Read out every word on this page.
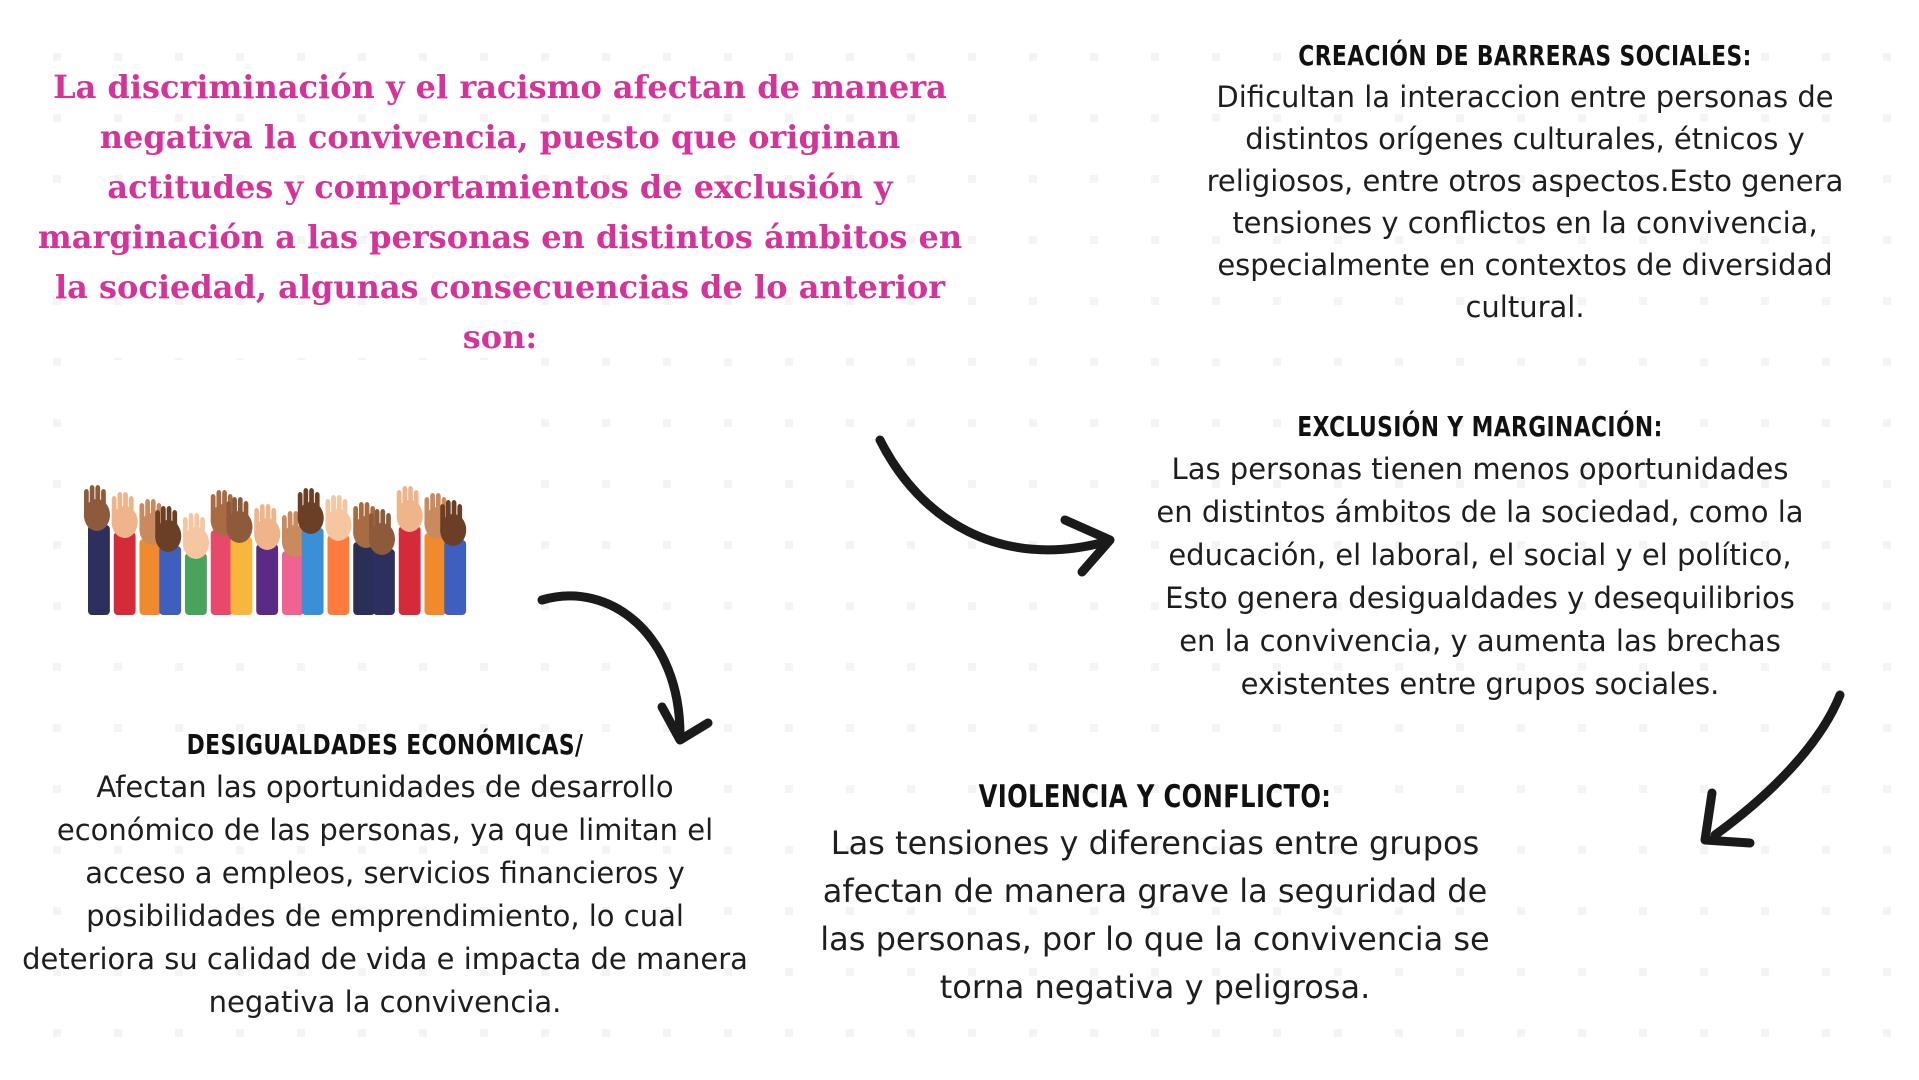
La discriminación y el racismo afectan de manera negativa la convivencia, puesto que originan actitudes y comportamientos de exclusión y marginación a las personas en distintos ámbitos en la sociedad, algunas consecuencias de lo anterior son:
CREACIÓN DE BARRERAS SOCIALES:
Dificultan la interaccion entre personas de distintos orígenes culturales, étnicos y religiosos, entre otros aspectos.Esto genera tensiones y conflictos en la convivencia, especialmente en contextos de diversidad cultural.
EXCLUSIÓN Y MARGINACIÓN:
Las personas tienen menos oportunidades en distintos ámbitos de la sociedad, como la educación, el laboral, el social y el político, Esto genera desigualdades y desequilibrios en la convivencia, y aumenta las brechas existentes entre grupos sociales.
DESIGUALDADES ECONÓMICAS/
Afectan las oportunidades de desarrollo económico de las personas, ya que limitan el acceso a empleos, servicios financieros y posibilidades de emprendimiento, lo cual deteriora su calidad de vida e impacta de manera negativa la convivencia.
VIOLENCIA Y CONFLICTO:
Las tensiones y diferencias entre grupos afectan de manera grave la seguridad de las personas, por lo que la convivencia se torna negativa y peligrosa.
